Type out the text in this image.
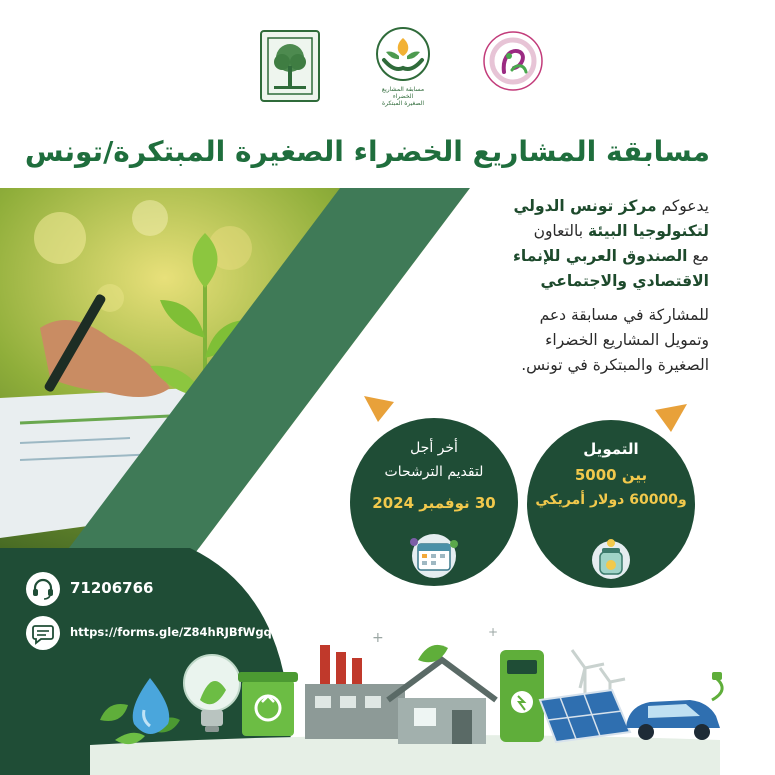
مسابقة المشاريع الخضراء
الصغيرة المبتكرة
مسابقة المشاريع الخضراء الصغيرة المبتكرة/تونس
يدعوكم مركز تونس الدولي
لتكنولوجيا البيئة بالتعاون
مع الصندوق العربي للإنماء
الاقتصادي والاجتماعي
للمشاركة في مسابقة دعم
وتمويل المشاريع الخضراء
الصغيرة والمبتكرة في تونس.
أخر أجل
لتقديم الترشحات
30 نوفمبر 2024
التمويل
بين 5000
و60000 دولار أمريكي
71206766
https://forms.gle/Z84hRJBfWgq6fcWM9	+	+
